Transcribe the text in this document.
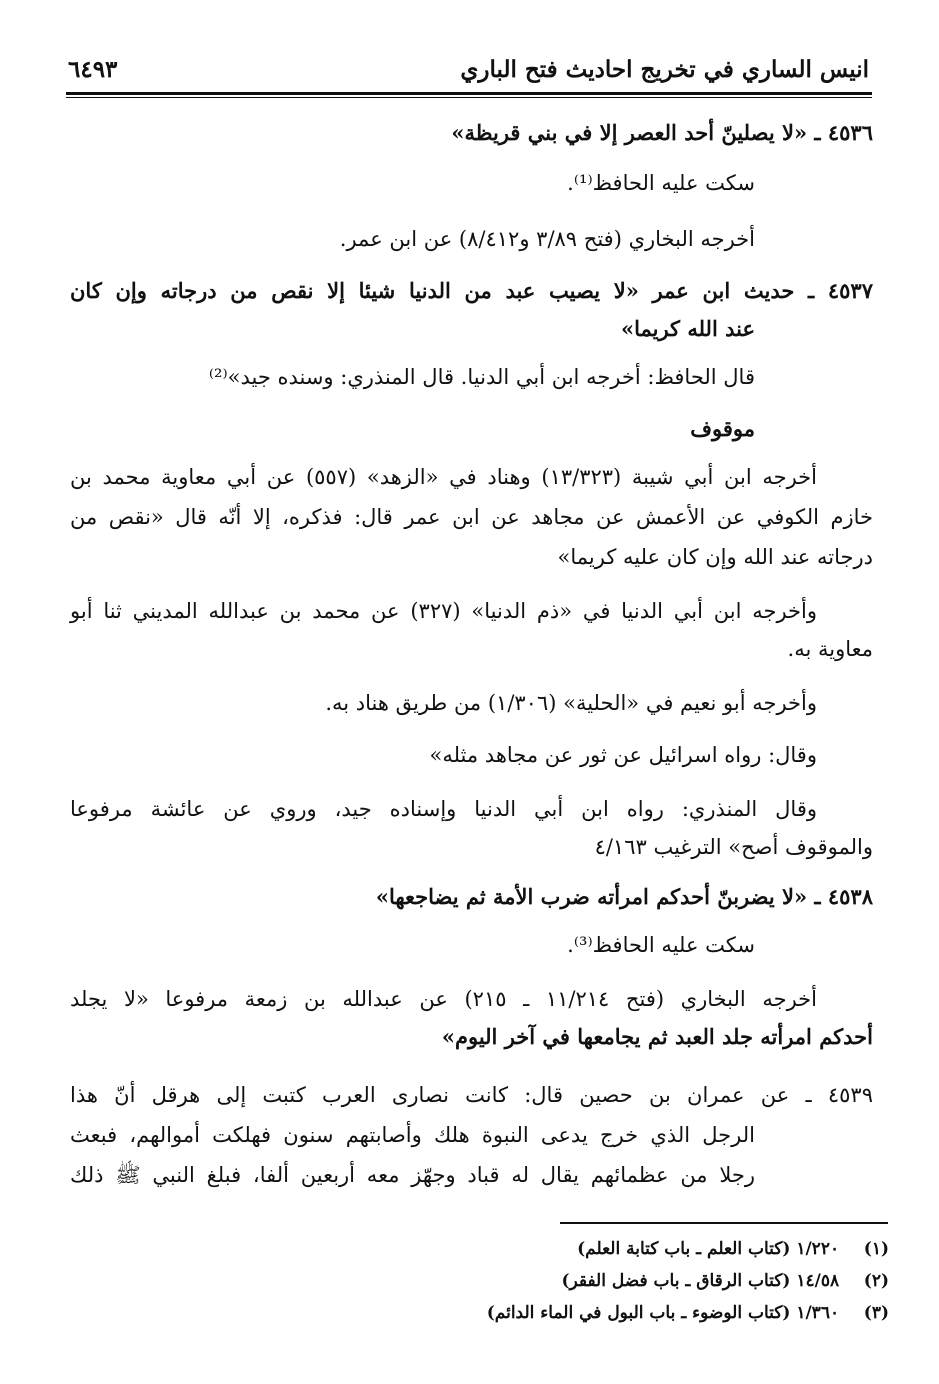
انيس الساري في تخريج احاديث فتح الباري
٦٤٩٣
٤٥٣٦ ـ «لا يصلينّ أحد العصر إلا في بني قريظة»
سكت عليه الحافظ⁽¹⁾.
أخرجه البخاري (فتح ٣/٨٩ و٨/٤١٢) عن ابن عمر.
٤٥٣٧ ـ حديث ابن عمر «لا يصيب عبد من الدنيا شيئا إلا نقص من درجاته وإن كان
عند الله كريما»
قال الحافظ: أخرجه ابن أبي الدنيا. قال المنذري: وسنده جيد»⁽²⁾
موقوف
أخرجه ابن أبي شيبة (١٣/٣٢٣) وهناد في «الزهد» (٥٥٧) عن أبي معاوية محمد بن
خازم الكوفي عن الأعمش عن مجاهد عن ابن عمر قال: فذكره، إلا أنّه قال «نقص من
درجاته عند الله وإن كان عليه كريما»
وأخرجه ابن أبي الدنيا في «ذم الدنيا» (٣٢٧) عن محمد بن عبدالله المديني ثنا أبو
معاوية به.
وأخرجه أبو نعيم في «الحلية» (١/٣٠٦) من طريق هناد به.
وقال: رواه اسرائيل عن ثور عن مجاهد مثله»
وقال المنذري: رواه ابن أبي الدنيا وإسناده جيد، وروي عن عائشة مرفوعا
والموقوف أصح» الترغيب ٤/١٦٣
٤٥٣٨ ـ «لا يضربنّ أحدكم امرأته ضرب الأمة ثم يضاجعها»
سكت عليه الحافظ⁽³⁾.
أخرجه البخاري (فتح ١١/٢١٤ ـ ٢١٥) عن عبدالله بن زمعة مرفوعا «لا يجلد
أحدكم امرأته جلد العبد ثم يجامعها في آخر اليوم»
٤٥٣٩ ـ عن عمران بن حصين قال: كانت نصارى العرب كتبت إلى هرقل أنّ هذا
الرجل الذي خرج يدعى النبوة هلك وأصابتهم سنون فهلكت أموالهم، فبعث
رجلا من عظمائهم يقال له قباد وجهّز معه أربعين ألفا، فبلغ النبي ﷺ ذلك
(١) ١/٢٢٠ (كتاب العلم ـ باب كتابة العلم)
(٢) ١٤/٥٨ (كتاب الرقاق ـ باب فضل الفقر)
(٣) ١/٣٦٠ (كتاب الوضوء ـ باب البول في الماء الدائم)
